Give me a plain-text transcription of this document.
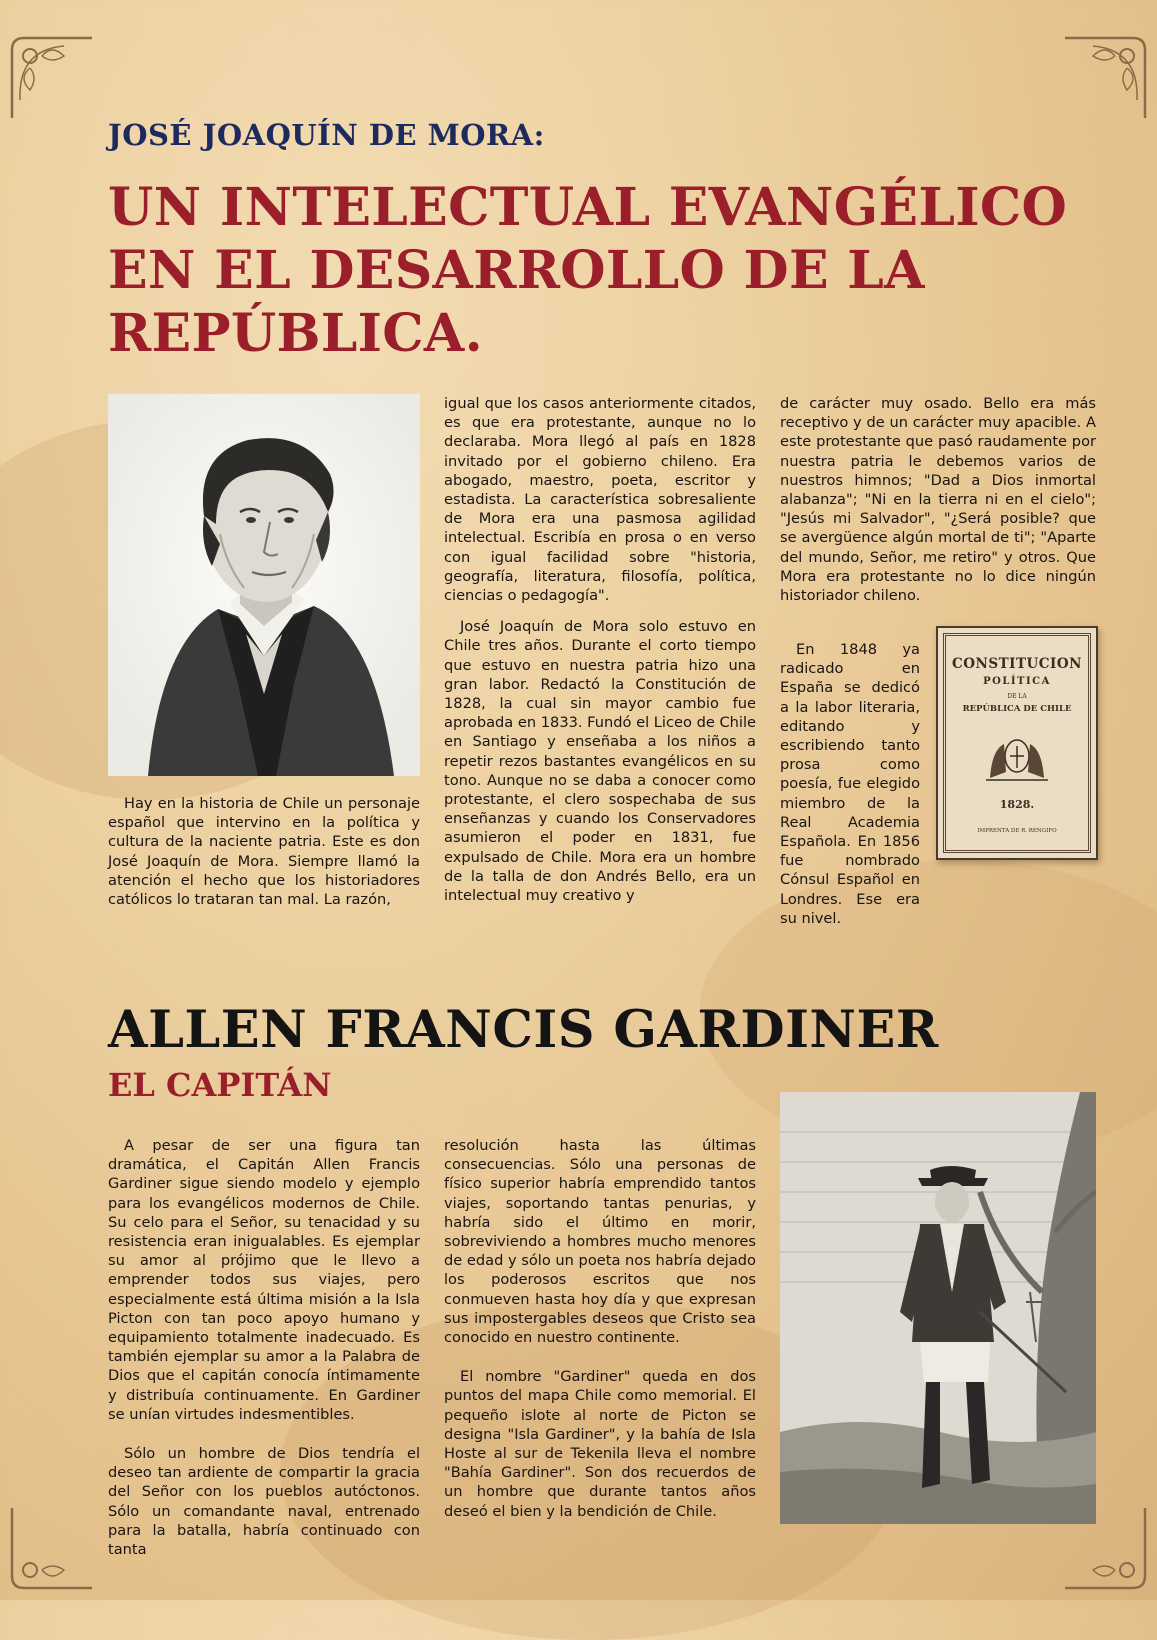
JOSÉ JOAQUÍN DE MORA:
UN INTELECTUAL EVANGÉLICO EN EL DESARROLLO DE LA REPÚBLICA.

Hay en la historia de Chile un personaje español que intervino en la política y cultura de la naciente patria. Este es don José Joaquín de Mora. Siempre llamó la atención el hecho que los historiadores católicos lo trataran tan mal. La razón,

igual que los casos anteriormente citados, es que era protestante, aunque no lo declaraba. Mora llegó al país en 1828 invitado por el gobierno chileno. Era abogado, maestro, poeta, escritor y estadista. La característica sobresaliente de Mora era una pasmosa agilidad intelectual. Escribía en prosa o en verso con igual facilidad sobre "historia, geografía, literatura, filosofía, política, ciencias o pedagogía".

José Joaquín de Mora solo estuvo en Chile tres años. Durante el corto tiempo que estuvo en nuestra patria hizo una gran labor. Redactó la Constitución de 1828, la cual sin mayor cambio fue aprobada en 1833. Fundó el Liceo de Chile en Santiago y enseñaba a los niños a repetir rezos bastantes evangélicos en su tono. Aunque no se daba a conocer como protestante, el clero sospechaba de sus enseñanzas y cuando los Conservadores asumieron el poder en 1831, fue expulsado de Chile. Mora era un hombre de la talla de don Andrés Bello, era un intelectual muy creativo y

de carácter muy osado. Bello era más receptivo y de un carácter muy apacible. A este protestante que pasó raudamente por nuestra patria le debemos varios de nuestros himnos; "Dad a Dios inmortal alabanza"; "Ni en la tierra ni en el cielo"; "Jesús mi Salvador", "¿Será posible? que se avergüence algún mortal de ti"; "Aparte del mundo, Señor, me retiro" y otros. Que Mora era protestante no lo dice ningún historiador chileno.

En 1848 ya radicado en España se dedicó a la labor literaria, editando y escribiendo tanto prosa como poesía, fue elegido miembro de la Real Academia Española. En 1856 fue nombrado Cónsul Español en Londres. Ese era su nivel.

CONSTITUCION
POLÍTICA
DE LA
REPÚBLICA DE CHILE
1828.
IMPRENTA DE R. RENGIFO
ALLEN FRANCIS GARDINER
EL CAPITÁN

A pesar de ser una figura tan dramática, el Capitán Allen Francis Gardiner sigue siendo modelo y ejemplo para los evangélicos modernos de Chile. Su celo para el Señor, su tenacidad y su resistencia eran inigualables. Es ejemplar su amor al prójimo que le llevo a emprender todos sus viajes, pero especialmente está última misión a la Isla Picton con tan poco apoyo humano y equipamiento totalmente inadecuado. Es también ejemplar su amor a la Palabra de Dios que el capitán conocía íntimamente y distribuía continuamente. En Gardiner se unían virtudes indesmentibles.

Sólo un hombre de Dios tendría el deseo tan ardiente de compartir la gracia del Señor con los pueblos autóctonos. Sólo un comandante naval, entrenado para la batalla, habría continuado con tanta

resolución hasta las últimas consecuencias. Sólo una personas de físico superior habría emprendido tantos viajes, soportando tantas penurias, y habría sido el último en morir, sobreviviendo a hombres mucho menores de edad y sólo un poeta nos habría dejado los poderosos escritos que nos conmueven hasta hoy día y que expresan sus impostergables deseos que Cristo sea conocido en nuestro continente.

El nombre "Gardiner" queda en dos puntos del mapa Chile como memorial. El pequeño islote al norte de Picton se designa "Isla Gardiner", y la bahía de Isla Hoste al sur de Tekenila lleva el nombre "Bahía Gardiner". Son dos recuerdos de un hombre que durante tantos años deseó el bien y la bendición de Chile.
